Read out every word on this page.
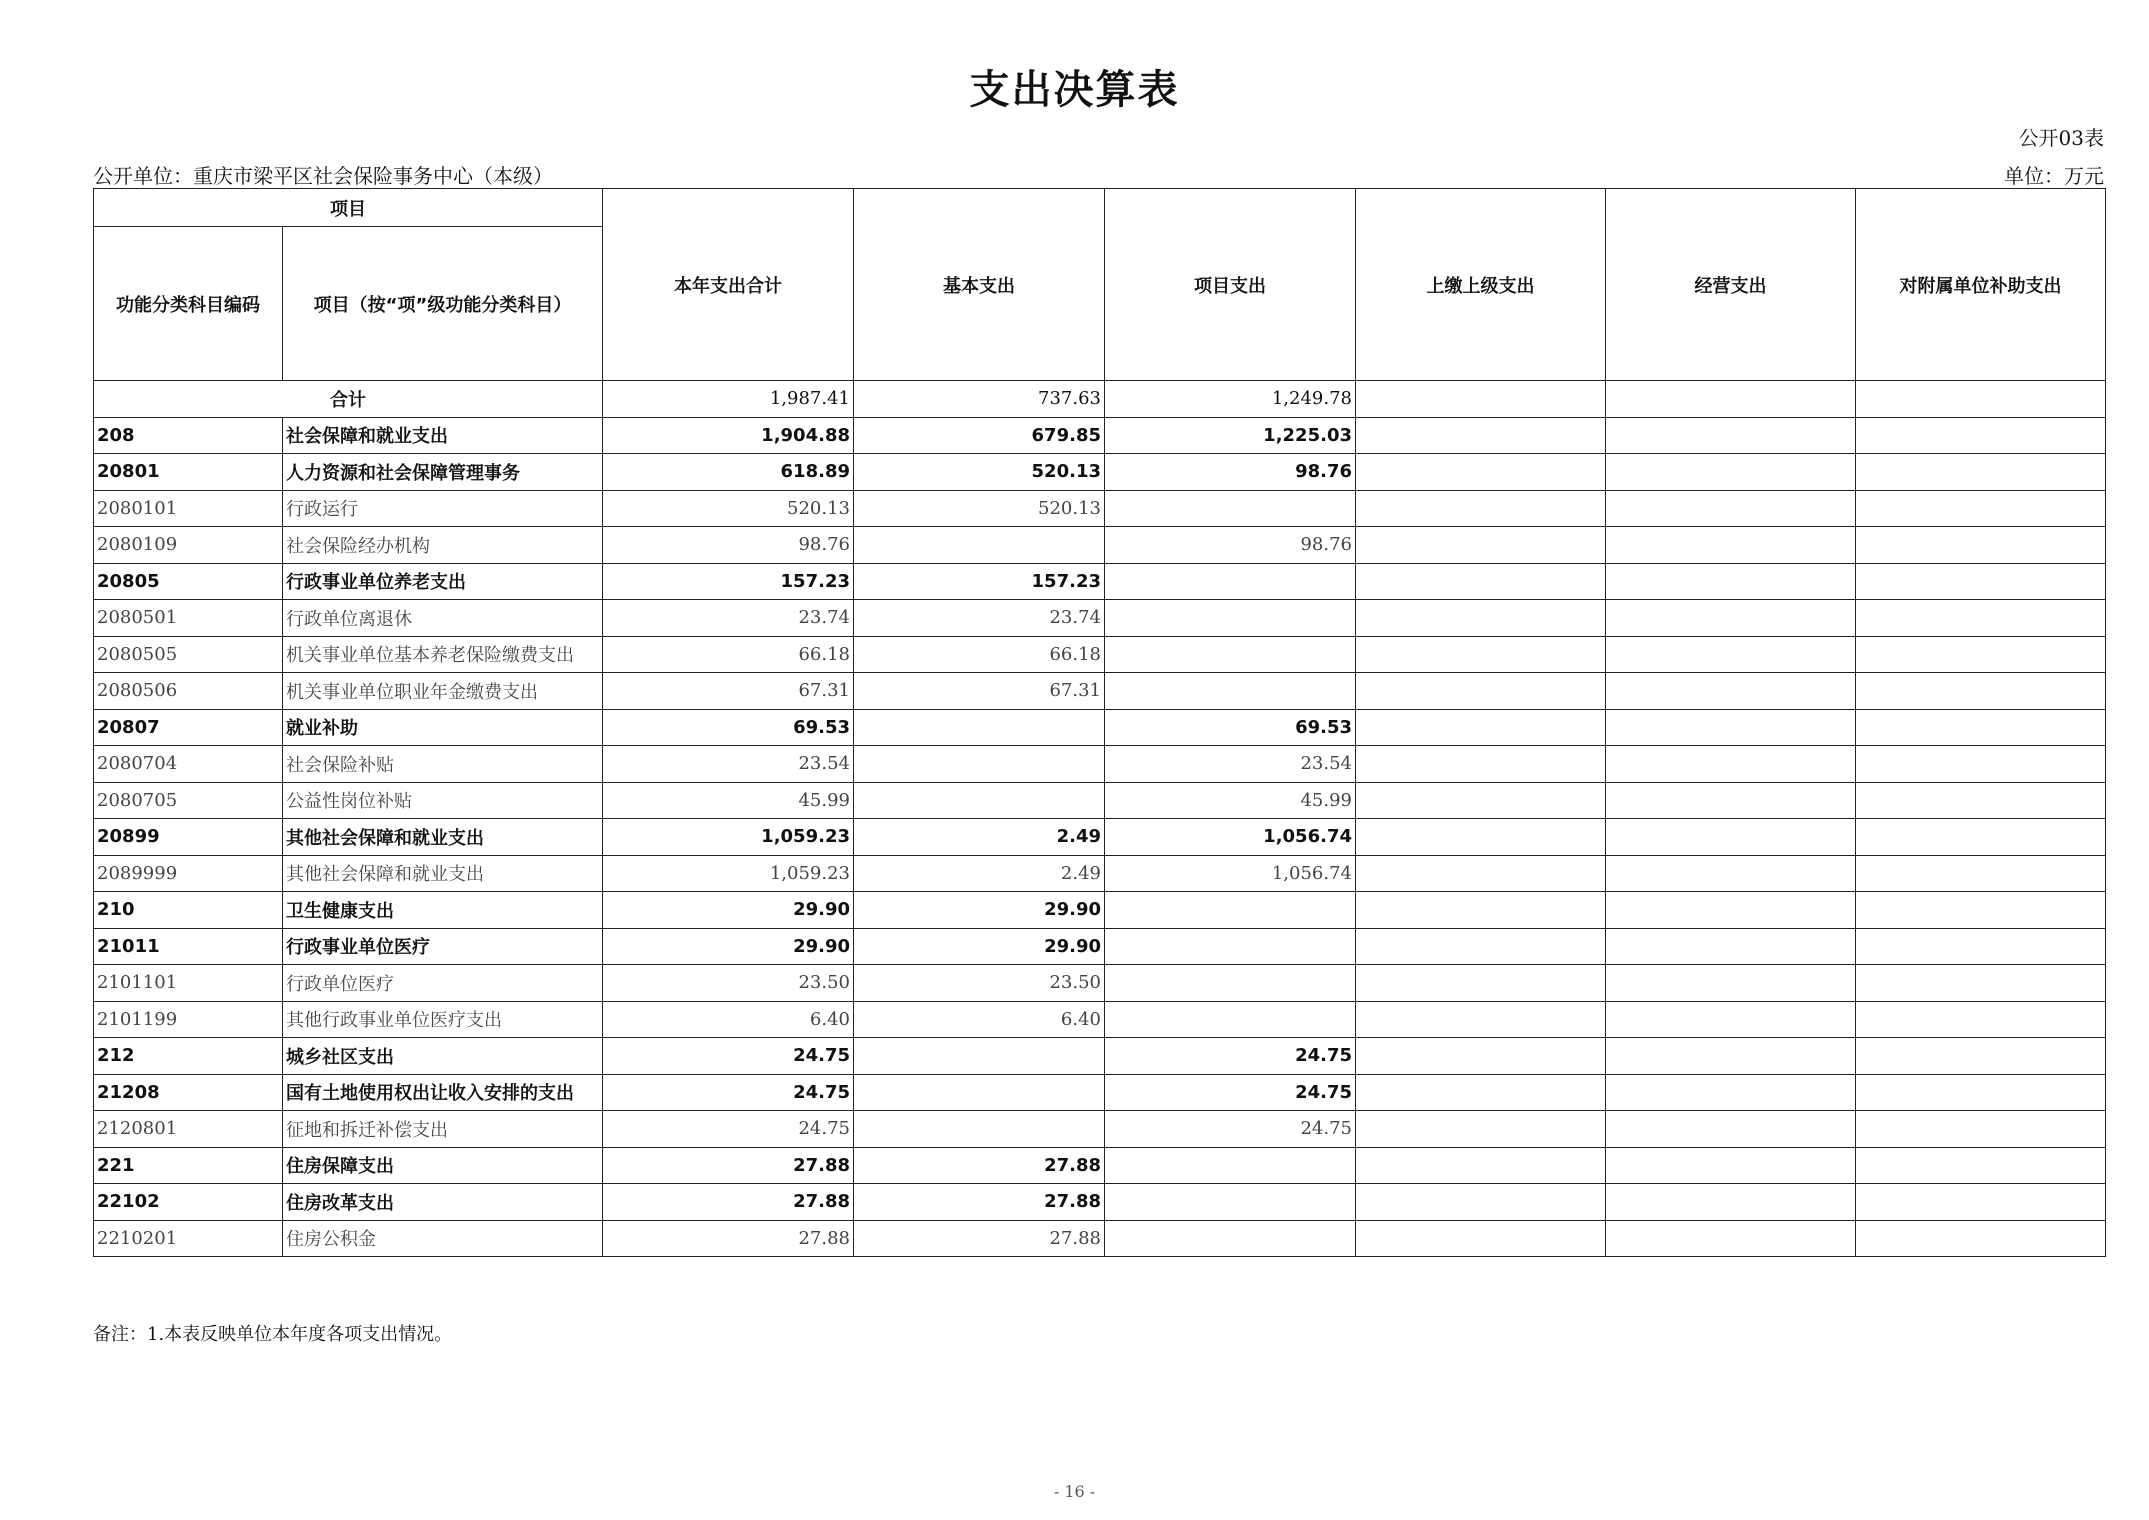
支出决算表
公开03表
公开单位：重庆市梁平区社会保险事务中心（本级）	单位：万元
项目		本年支出合计	基本支出	项目支出	上缴上级支出	经营支出	对附属单位补助支出
功能分类科目编码	项目（按“项”级功能分类科目）						
合计		1,987.41	737.63	1,249.78			
208	社会保障和就业支出	1,904.88	679.85	1,225.03			
20801	人力资源和社会保障管理事务	618.89	520.13	98.76			
2080101	行政运行	520.13	520.13				
2080109	社会保险经办机构	98.76		98.76			
20805	行政事业单位养老支出	157.23	157.23				
2080501	行政单位离退休	23.74	23.74				
2080505	机关事业单位基本养老保险缴费支出	66.18	66.18				
2080506	机关事业单位职业年金缴费支出	67.31	67.31				
20807	就业补助	69.53		69.53			
2080704	社会保险补贴	23.54		23.54			
2080705	公益性岗位补贴	45.99		45.99			
20899	其他社会保障和就业支出	1,059.23	2.49	1,056.74			
2089999	其他社会保障和就业支出	1,059.23	2.49	1,056.74			
210	卫生健康支出	29.90	29.90				
21011	行政事业单位医疗	29.90	29.90				
2101101	行政单位医疗	23.50	23.50				
2101199	其他行政事业单位医疗支出	6.40	6.40				
212	城乡社区支出	24.75		24.75			
21208	国有土地使用权出让收入安排的支出	24.75		24.75			
2120801	征地和拆迁补偿支出	24.75		24.75			
221	住房保障支出	27.88	27.88				
22102	住房改革支出	27.88	27.88				
2210201	住房公积金	27.88	27.88				
备注：1.本表反映单位本年度各项支出情况。
- 16 -
